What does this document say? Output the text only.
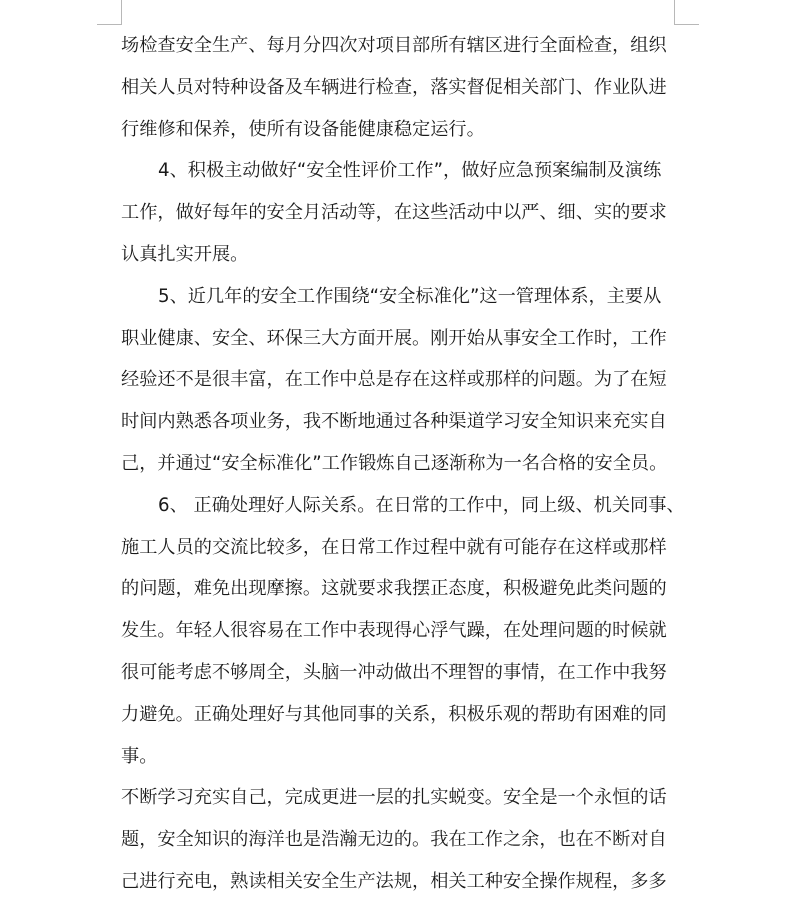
场检查安全生产、每月分四次对项目部所有辖区进行全面检查，组织
相关人员对特种设备及车辆进行检查，落实督促相关部门、作业队进
行维修和保养，使所有设备能健康稳定运行。
4、积极主动做好“安全性评价工作”，做好应急预案编制及演练
工作，做好每年的安全月活动等，在这些活动中以严、细、实的要求
认真扎实开展。
5、近几年的安全工作围绕“安全标准化”这一管理体系，主要从
职业健康、安全、环保三大方面开展。刚开始从事安全工作时，工作
经验还不是很丰富，在工作中总是存在这样或那样的问题。为了在短
时间内熟悉各项业务，我不断地通过各种渠道学习安全知识来充实自
己，并通过“安全标准化”工作锻炼自己逐渐称为一名合格的安全员。
6、 正确处理好人际关系。在日常的工作中，同上级、机关同事、
施工人员的交流比较多，在日常工作过程中就有可能存在这样或那样
的问题，难免出现摩擦。这就要求我摆正态度，积极避免此类问题的
发生。年轻人很容易在工作中表现得心浮气躁，在处理问题的时候就
很可能考虑不够周全，头脑一冲动做出不理智的事情，在工作中我努
力避免。正确处理好与其他同事的关系，积极乐观的帮助有困难的同
事。
不断学习充实自己，完成更进一层的扎实蜕变。安全是一个永恒的话
题，安全知识的海洋也是浩瀚无边的。我在工作之余，也在不断对自
己进行充电，熟读相关安全生产法规，相关工种安全操作规程，多多
